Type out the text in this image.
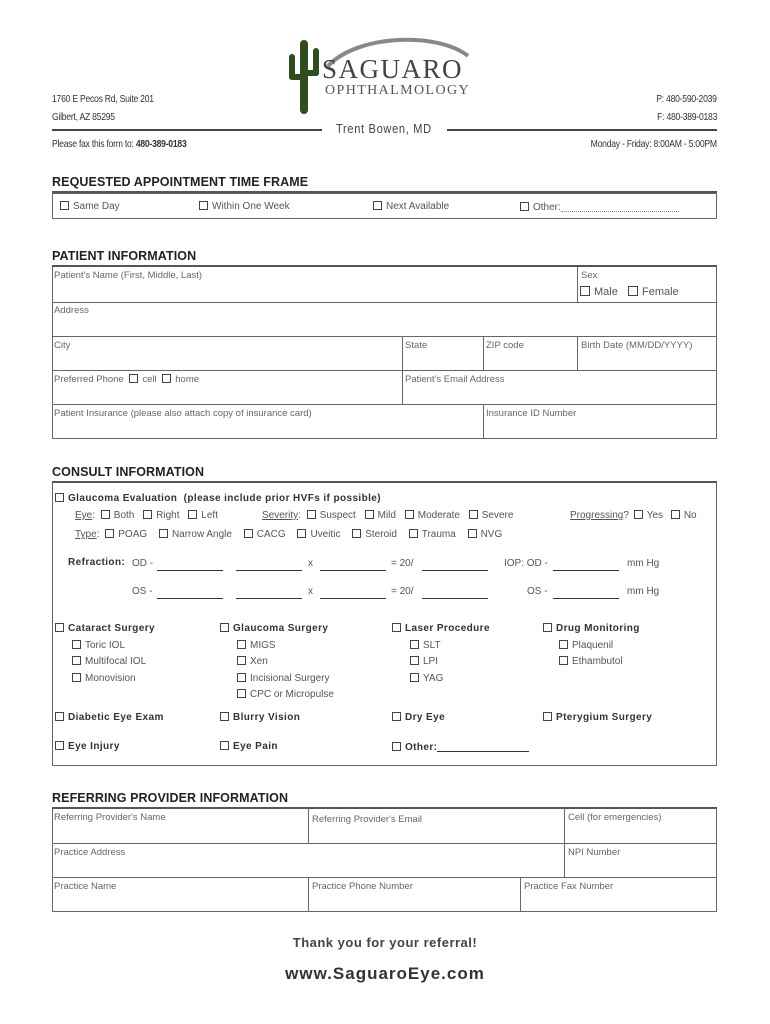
1760 E Pecos Rd, Suite 201
Gilbert, AZ 85295
Please fax this form to: 480-389-0183
SAGUARO
OPHTHALMOLOGY
Trent Bowen, MD
P: 480-590-2039
F: 480-389-0183
Monday - Friday: 8:00AM - 5:00PM
REQUESTED APPOINTMENT TIME FRAME
Same Day	Within One Week	Next Available	Other:
PATIENT INFORMATION
Patient's Name (First, Middle, Last)	Sex
Male	Female
Address
City	State	ZIP code	Birth Date (MM/DD/YYYY)
Preferred Phone cell home	Patient's Email Address
Patient Insurance (please also attach copy of insurance card)	Insurance ID Number
CONSULT INFORMATION
Glaucoma Evaluation (please include prior HVFs if possible)
Eye: Both Right Left	Severity: Suspect Mild Moderate Severe	Progressing? Yes No
Type: POAG Narrow Angle CACG Uveitic Steroid Trauma NVG
Refraction: OD -	x	= 20/	IOP: OD -	mm Hg
OS -	x	= 20/	OS -	mm Hg
Cataract Surgery
Toric IOL
Multifocal IOL
Monovision
Glaucoma Surgery
MIGS
Xen
Incisional Surgery
CPC or Micropulse
Laser Procedure
SLT
LPI
YAG
Drug Monitoring
Plaquenil
Ethambutol
Diabetic Eye Exam	Blurry Vision	Dry Eye	Pterygium Surgery
Eye Injury	Eye Pain	Other:
REFERRING PROVIDER INFORMATION
Referring Provider's Name	Referring Provider's Email	Cell (for emergencies)
Practice Address	NPI Number
Practice Name	Practice Phone Number	Practice Fax Number
Thank you for your referral!
www.SaguaroEye.com
